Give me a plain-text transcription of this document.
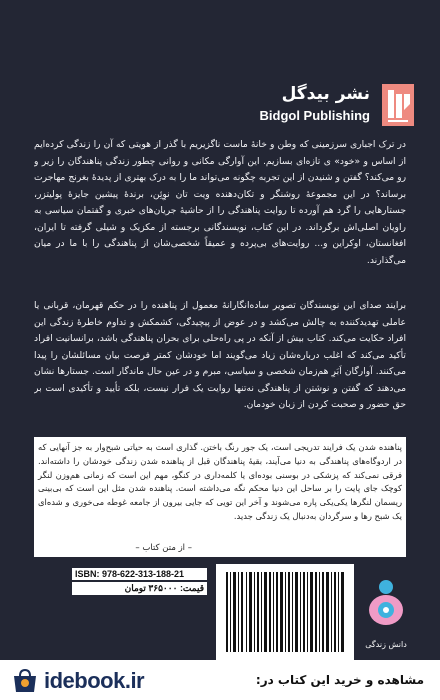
نشر بیدگل
Bidgol Publishing

در ترک اجباری سرزمینی که وطن و خانهٔ ماست ناگزیریم با گذر از هویتی که آن را زندگی کرده‌ایم از اساس و «خود» ی تازه‌ای بسازیم. این آوارگی مکانی و روانی چطور زندگی پناهندگان را زیر و رو می‌کند؟ گفتن و شنیدن از این تجربه چگونه می‌تواند ما را به درک بهتری از پدیدهٔ بغرنج مهاجرت برساند؟ در این مجموعهٔ روشنگر و تکان‌دهنده ویت تان نوِئِن، برندهٔ پیشین جایزهٔ پولیتزر، جستارهایی را گرد هم آورده تا روایت پناهندگی را از حاشیهٔ جریان‌های خبری و گفتمان سیاسی به راویان اصلی‌اش برگرداند. در این کتاب، نویسندگانی برجسته از مکزیک و شیلی گرفته تا ایران، افغانستان، اوکراین و... روایت‌های بی‌پرده و عمیقاً شخصی‌شان از پناهندگی را با ما در میان می‌گذارند.

برایند صدای این نویسندگان تصویر ساده‌انگارانهٔ معمول از پناهنده را در حکم قهرمان، قربانی یا عاملی تهدیدکننده به چالش می‌کشد و در عوض از پیچیدگی، کشمکش و تداوم خاطرهٔ زندگی این افراد حکایت می‌کند. کتاب بیش از آنکه در پی راه‌حلی برای بحران پناهندگی باشد، برانسانیت افراد تأکید می‌کند که اغلب درباره‌شان زیاد می‌گویند اما خودشان کمتر فرصت بیان مسائلشان را پیدا می‌کنند. آوارگان اَبَرِ هم‌زمان شخصی و سیاسی، مبرم و در عین حال ماندگار است. جستارها نشان می‌دهند که گفتن و نوشتن از پناهندگی نه‌تنها روایت یک فرار نیست، بلکه تأیید و تأکیدی است بر حق حضور و صحبت کردن از زبان خودمان.

پناهنده شدن یک فرایند تدریجی است، یک جور رنگ باختن. گذاری است به حیاتی شبح‌وار به جز آنهایی که در اردوگاه‌های پناهندگی به دنیا می‌آیند، بقیهٔ پناهندگان قبل از پناهنده شدن زندگی خودشان را داشته‌اند. فرقی نمی‌کند که پزشکی در بوسنی بوده‌ای یا کلمه‌داری در کنگو، مهم این است که زمانی هم‌وزن لنگر کوچک جای پایت را بر ساحل این دنیا محکم نگه می‌داشته است. پناهنده شدن مثل این است که بی‌بینی ریسمان لنگرها یکی‌یکی پاره می‌شوند و آخر این تویی که جایی بیرون از جامعه غوطه می‌خوری و شده‌ای یک شبح رها و سرگردان به‌دنبال یک زندگی جدید.
– از متن کتاب –
ISBN: 978-622-313-188-21
قیمت: ۳۶۵۰۰۰ تومان
دانش زندگی
idebook.ir	مشاهده و خرید این کتاب در:
